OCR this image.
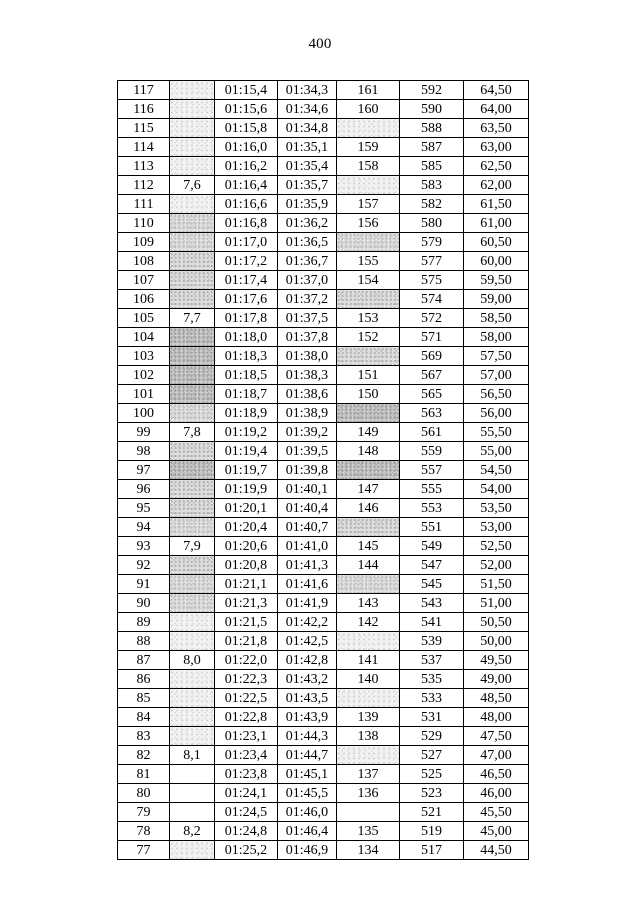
400
117		01:15,4	01:34,3	161	592	64,50
116		01:15,6	01:34,6	160	590	64,00
115		01:15,8	01:34,8		588	63,50
114		01:16,0	01:35,1	159	587	63,00
113		01:16,2	01:35,4	158	585	62,50
112	7,6	01:16,4	01:35,7		583	62,00
111		01:16,6	01:35,9	157	582	61,50
110		01:16,8	01:36,2	156	580	61,00
109		01:17,0	01:36,5		579	60,50
108		01:17,2	01:36,7	155	577	60,00
107		01:17,4	01:37,0	154	575	59,50
106		01:17,6	01:37,2		574	59,00
105	7,7	01:17,8	01:37,5	153	572	58,50
104		01:18,0	01:37,8	152	571	58,00
103		01:18,3	01:38,0		569	57,50
102		01:18,5	01:38,3	151	567	57,00
101		01:18,7	01:38,6	150	565	56,50
100		01:18,9	01:38,9		563	56,00
99	7,8	01:19,2	01:39,2	149	561	55,50
98		01:19,4	01:39,5	148	559	55,00
97		01:19,7	01:39,8		557	54,50
96		01:19,9	01:40,1	147	555	54,00
95		01:20,1	01:40,4	146	553	53,50
94		01:20,4	01:40,7		551	53,00
93	7,9	01:20,6	01:41,0	145	549	52,50
92		01:20,8	01:41,3	144	547	52,00
91		01:21,1	01:41,6		545	51,50
90		01:21,3	01:41,9	143	543	51,00
89		01:21,5	01:42,2	142	541	50,50
88		01:21,8	01:42,5		539	50,00
87	8,0	01:22,0	01:42,8	141	537	49,50
86		01:22,3	01:43,2	140	535	49,00
85		01:22,5	01:43,5		533	48,50
84		01:22,8	01:43,9	139	531	48,00
83		01:23,1	01:44,3	138	529	47,50
82	8,1	01:23,4	01:44,7		527	47,00
81		01:23,8	01:45,1	137	525	46,50
80		01:24,1	01:45,5	136	523	46,00
79		01:24,5	01:46,0		521	45,50
78	8,2	01:24,8	01:46,4	135	519	45,00
77		01:25,2	01:46,9	134	517	44,50
